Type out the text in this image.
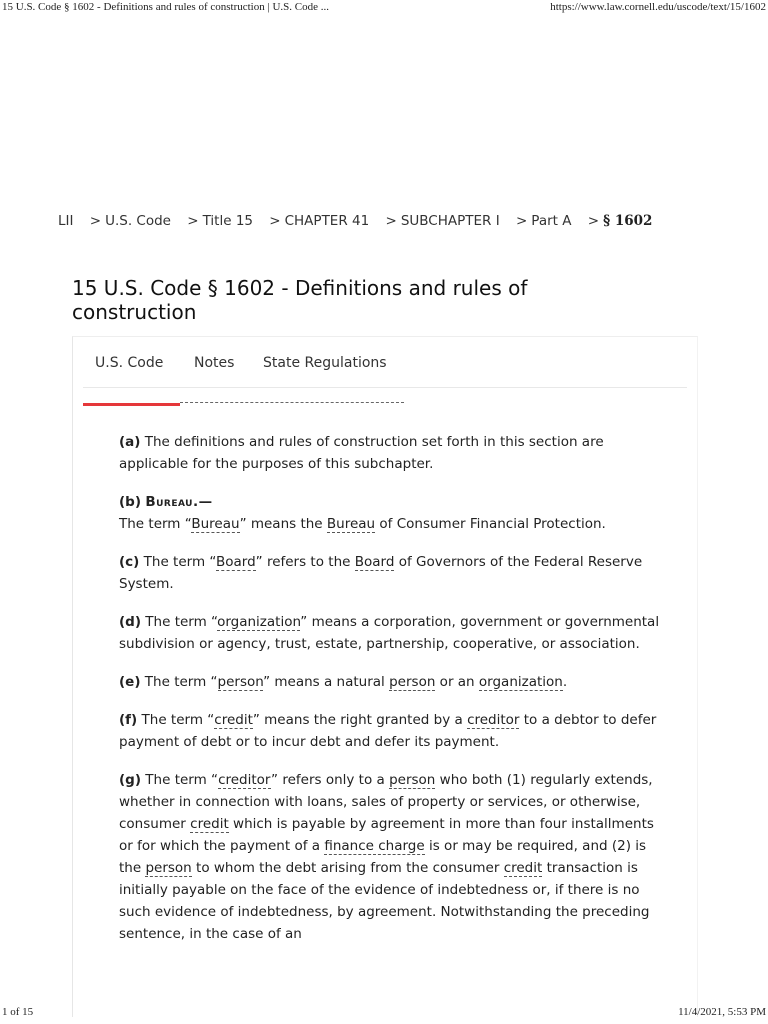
15 U.S. Code § 1602 - Definitions and rules of construction | U.S. Code ...	https://www.law.cornell.edu/uscode/text/15/1602
LII > U.S. Code > Title 15 > CHAPTER 41 > SUBCHAPTER I > Part A > § 1602
15 U.S. Code § 1602 - Definitions and rules of construction
U.S. Code Notes State Regulations

(a) The definitions and rules of construction set forth in this section are applicable for the purposes of this subchapter.

(b) Bureau.—
The term “Bureau” means the Bureau of Consumer Financial Protection.

(c) The term “Board” refers to the Board of Governors of the Federal Reserve System.

(d) The term “organization” means a corporation, government or governmental subdivision or agency, trust, estate, partnership, cooperative, or association.

(e) The term “person” means a natural person or an organization.

(f) The term “credit” means the right granted by a creditor to a debtor to defer payment of debt or to incur debt and defer its payment.

(g) The term “creditor” refers only to a person who both (1) regularly extends, whether in connection with loans, sales of property or services, or otherwise, consumer credit which is payable by agreement in more than four installments or for which the payment of a finance charge is or may be required, and (2) is the person to whom the debt arising from the consumer credit transaction is initially payable on the face of the evidence of indebtedness or, if there is no such evidence of indebtedness, by agreement. Notwithstanding the preceding sentence, in the case of an

1 of 15	11/4/2021, 5:53 PM
